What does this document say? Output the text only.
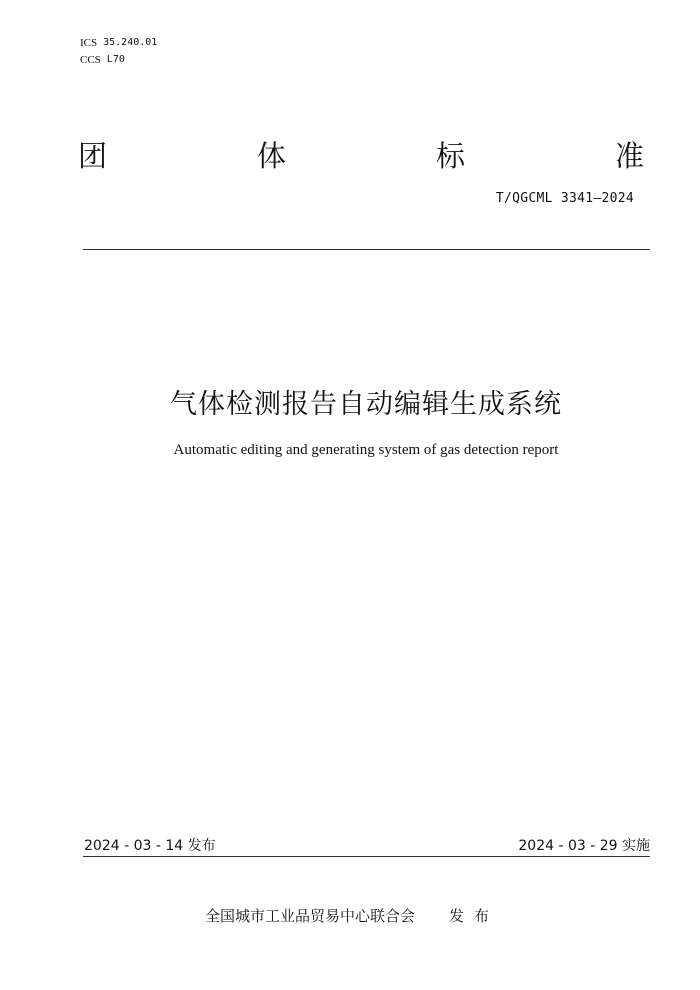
ICS 35.240.01
CCS L70
团	体	标	准
T/QGCML 3341—2024
气体检测报告自动编辑生成系统
Automatic editing and generating system of gas detection report
2024 - 03 - 14 发布	2024 - 03 - 29 实施
全国城市工业品贸易中心联合会 发布
